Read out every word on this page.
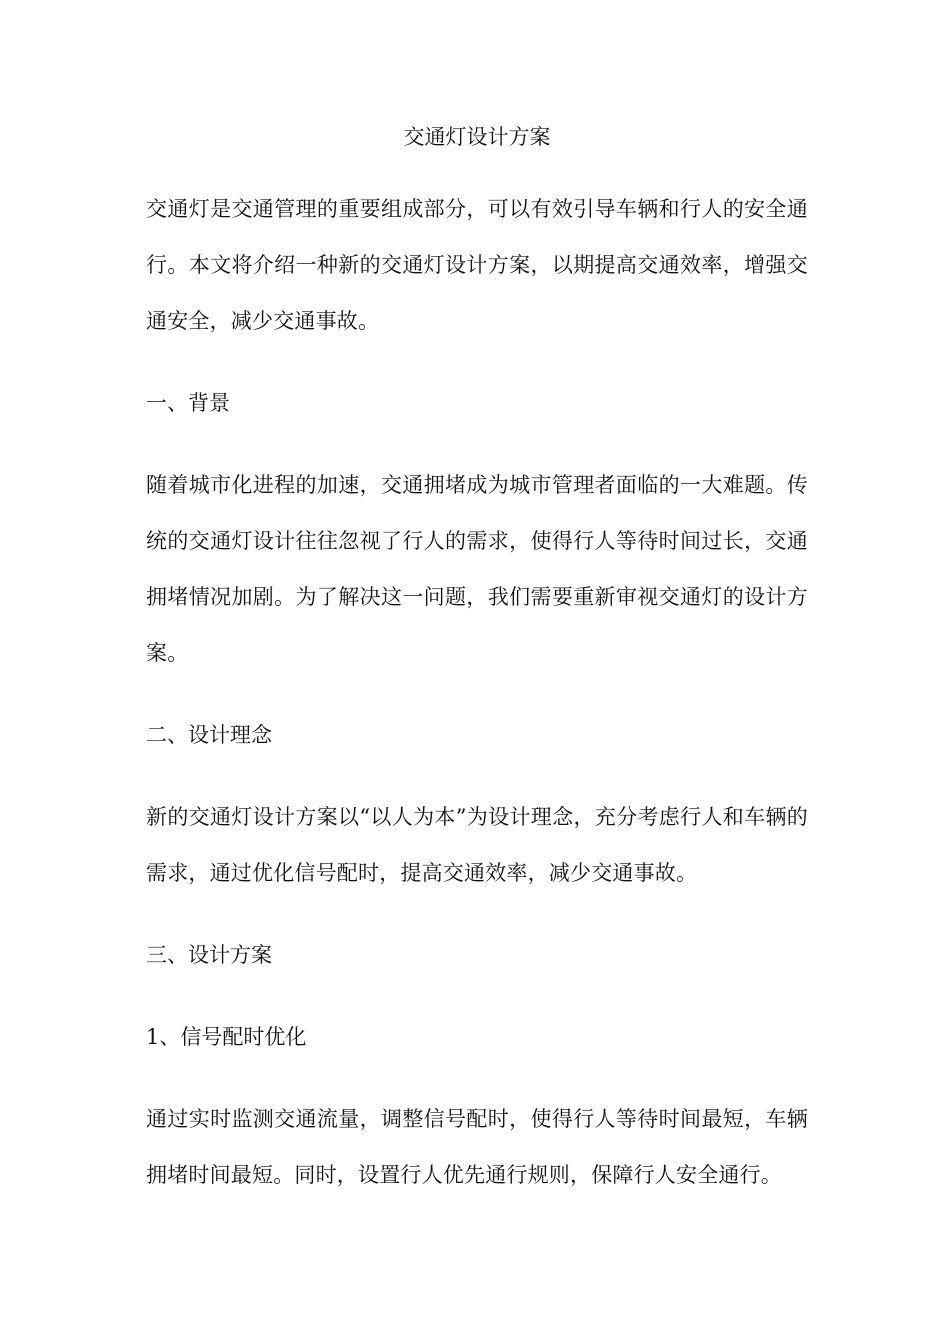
交通灯设计方案

交通灯是交通管理的重要组成部分，可以有效引导车辆和行人的安全通行。本文将介绍一种新的交通灯设计方案，以期提高交通效率，增强交通安全，减少交通事故。

一、背景

随着城市化进程的加速，交通拥堵成为城市管理者面临的一大难题。传统的交通灯设计往往忽视了行人的需求，使得行人等待时间过长，交通拥堵情况加剧。为了解决这一问题，我们需要重新审视交通灯的设计方案。

二、设计理念

新的交通灯设计方案以“以人为本”为设计理念，充分考虑行人和车辆的需求，通过优化信号配时，提高交通效率，减少交通事故。

三、设计方案
1、信号配时优化

通过实时监测交通流量，调整信号配时，使得行人等待时间最短，车辆拥堵时间最短。同时，设置行人优先通行规则，保障行人安全通行。
